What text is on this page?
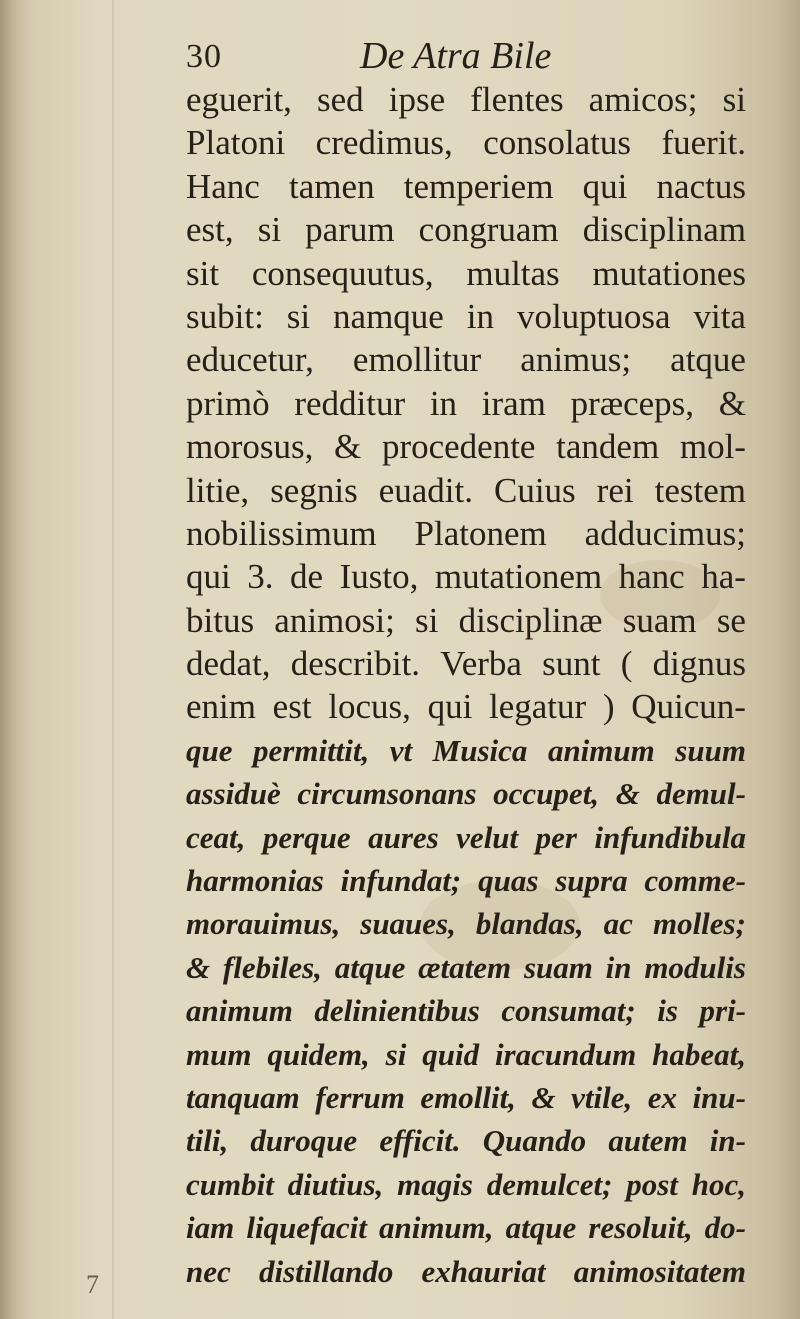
30	De Atra Bile
eguerit, sed ipse flentes amicos; si
Platoni credimus, consolatus fuerit.
Hanc tamen temperiem qui nactus
est, si parum congruam disciplinam
sit consequutus, multas mutationes
subit: si namque in voluptuosa vita
educetur, emollitur animus; atque
primò redditur in iram præceps, &
morosus, & procedente tandem mol-
litie, segnis euadit. Cuius rei testem
nobilissimum Platonem adducimus;
qui 3. de Iusto, mutationem hanc ha-
bitus animosi; si disciplinæ suam se
dedat, describit. Verba sunt ( dignus
enim est locus, qui legatur ) Quicun-
que permittit, vt Musica animum suum
assiduè circumsonans occupet, & demul-
ceat, perque aures velut per infundibula
harmonias infundat; quas supra comme-
morauimus, suaues, blandas, ac molles;
& flebiles, atque ætatem suam in modulis
animum delinientibus consumat; is pri-
mum quidem, si quid iracundum habeat,
tanquam ferrum emollit, & vtile, ex inu-
tili, duroque efficit. Quando autem in-
cumbit diutius, magis demulcet; post hoc,
iam liquefacit animum, atque resoluit, do-
nec distillando exhauriat animositatem
7
